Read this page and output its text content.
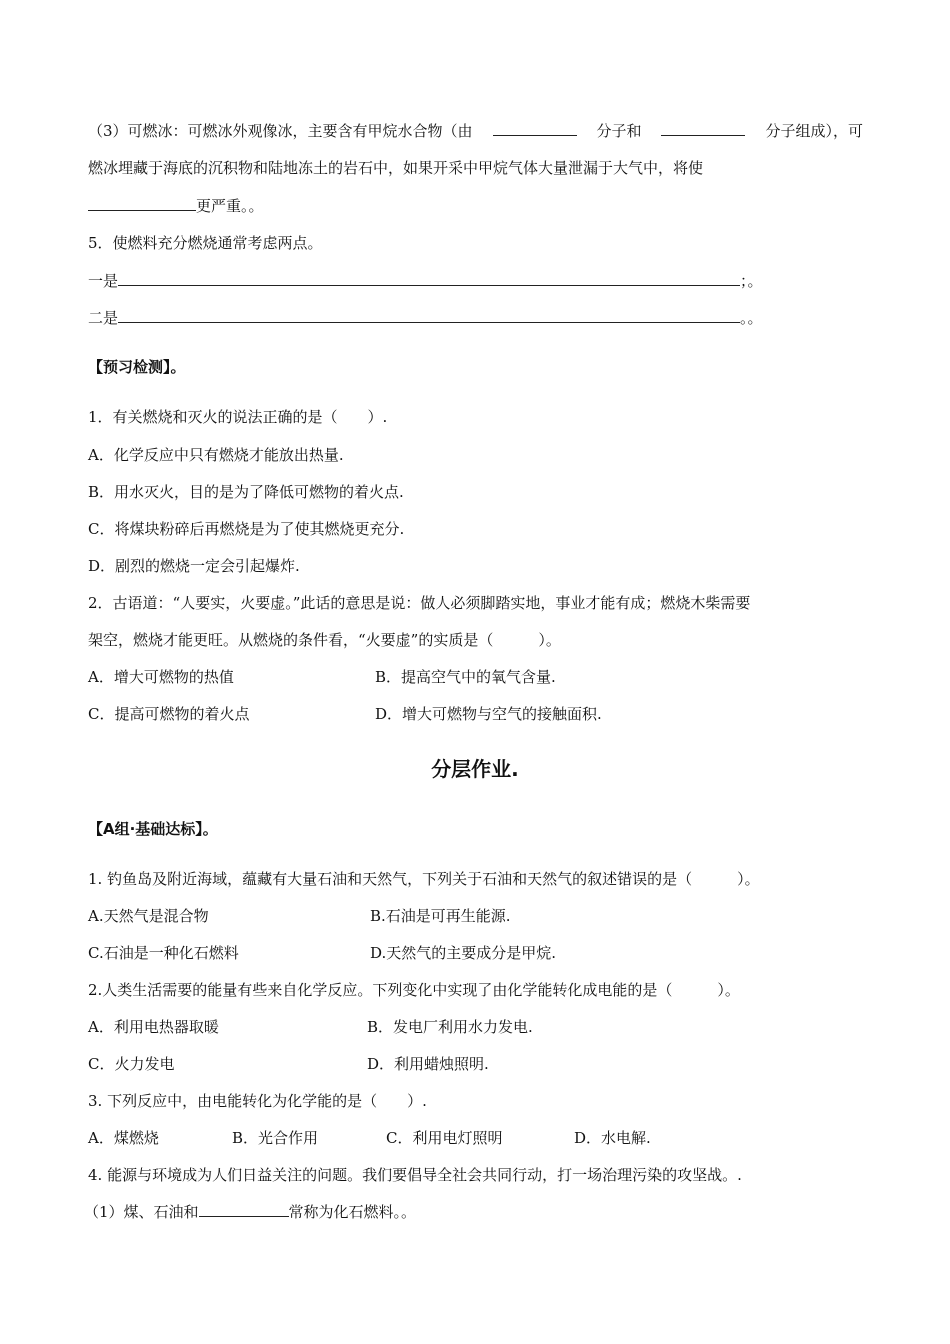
（3）可燃冰：可燃冰外观像冰，主要含有甲烷水合物（由	分子和	分子组成），可
燃冰埋藏于海底的沉积物和陆地冻土的岩石中，如果开采中甲烷气体大量泄漏于大气中，将使
更严重。。
5．使燃料充分燃烧通常考虑两点。
一是	；。
二是	。。
【预习检测】。
1．有关燃烧和灭火的说法正确的是（　　）.
A．化学反应中只有燃烧才能放出热量.
B．用水灭火，目的是为了降低可燃物的着火点.
C．将煤块粉碎后再燃烧是为了使其燃烧更充分.
D．剧烈的燃烧一定会引起爆炸.
2．古语道：“人要实，火要虚。”此话的意思是说：做人必须脚踏实地，事业才能有成；燃烧木柴需要
架空，燃烧才能更旺。从燃烧的条件看，“火要虚”的实质是（　　　）。
A．增大可燃物的热值	B．提高空气中的氧气含量.
C．提高可燃物的着火点	D．增大可燃物与空气的接触面积.
分层作业.
【A组·基础达标】。
1. 钓鱼岛及附近海域，蕴藏有大量石油和天然气，下列关于石油和天然气的叙述错误的是（　　　）。
A.天然气是混合物	B.石油是可再生能源.
C.石油是一种化石燃料	D.天然气的主要成分是甲烷.
2.人类生活需要的能量有些来自化学反应。下列变化中实现了由化学能转化成电能的是（　　　）。
A．利用电热器取暖	B．发电厂利用水力发电.
C．火力发电	D．利用蜡烛照明.
3. 下列反应中，由电能转化为化学能的是（　　）.
A．煤燃烧	B．光合作用	C．利用电灯照明	D．水电解.
4. 能源与环境成为人们日益关注的问题。我们要倡导全社会共同行动，打一场治理污染的攻坚战。.
（1）煤、石油和	常称为化石燃料。。
